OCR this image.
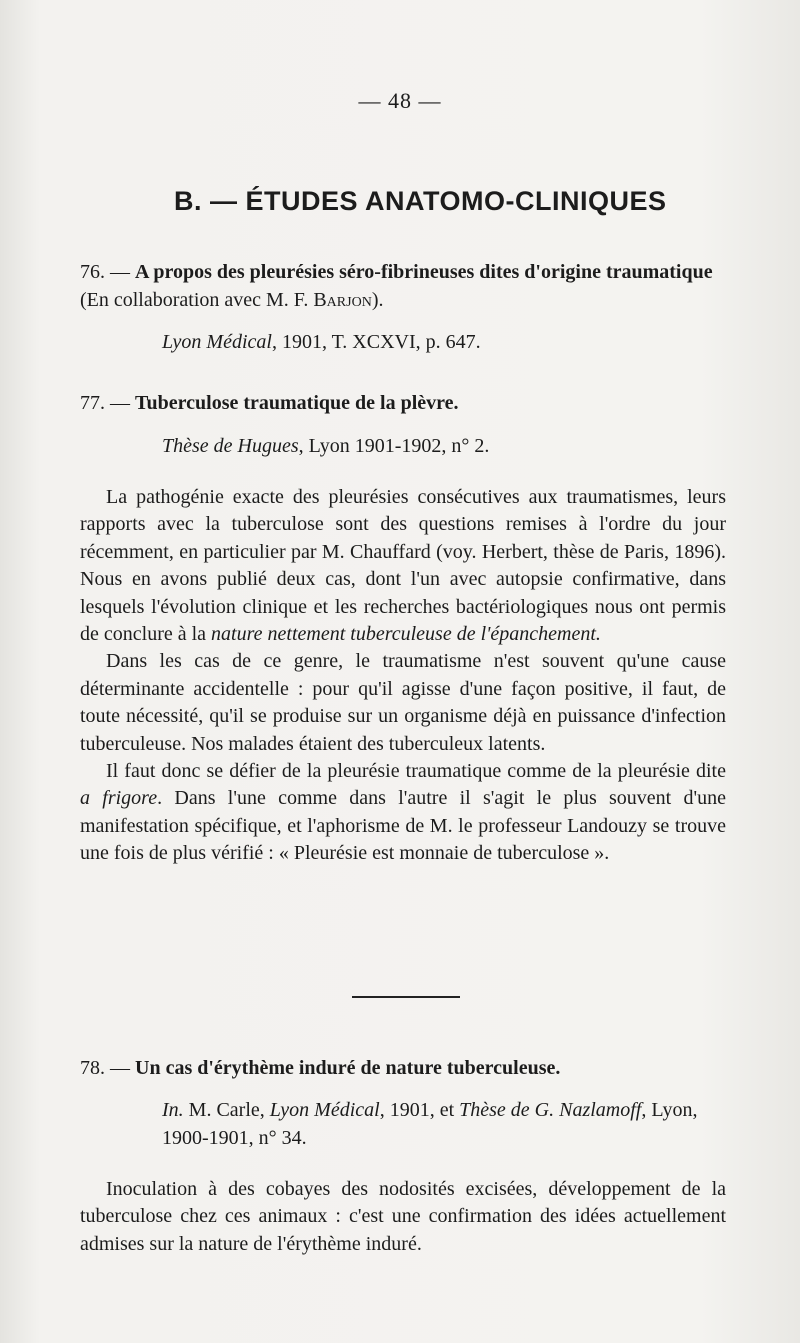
— 48 —
B. — ÉTUDES ANATOMO-CLINIQUES
76. — A propos des pleurésies séro-fibrineuses dites d'origine traumatique (En collaboration avec M. F. Barjon).
Lyon Médical, 1901, T. XCXVI, p. 647.
77. — Tuberculose traumatique de la plèvre.
Thèse de Hugues, Lyon 1901-1902, n° 2.

La pathogénie exacte des pleurésies consécutives aux traumatismes, leurs rapports avec la tuberculose sont des questions remises à l'ordre du jour récemment, en particulier par M. Chauffard (voy. Herbert, thèse de Paris, 1896). Nous en avons publié deux cas, dont l'un avec autopsie confirmative, dans lesquels l'évolution clinique et les recherches bactériologiques nous ont permis de conclure à la nature nettement tuberculeuse de l'épanchement.

Dans les cas de ce genre, le traumatisme n'est souvent qu'une cause déterminante accidentelle : pour qu'il agisse d'une façon positive, il faut, de toute nécessité, qu'il se produise sur un organisme déjà en puissance d'infection tuberculeuse. Nos malades étaient des tuberculeux latents.

Il faut donc se défier de la pleurésie traumatique comme de la pleurésie dite a frigore. Dans l'une comme dans l'autre il s'agit le plus souvent d'une manifestation spécifique, et l'aphorisme de M. le professeur Landouzy se trouve une fois de plus vérifié : « Pleurésie est monnaie de tuberculose ».

78. — Un cas d'érythème induré de nature tuberculeuse.
In. M. Carle, Lyon Médical, 1901, et Thèse de G. Nazlamoff, Lyon, 1900-1901, n° 34.

Inoculation à des cobayes des nodosités excisées, développement de la tuberculose chez ces animaux : c'est une confirmation des idées actuellement admises sur la nature de l'érythème induré.
